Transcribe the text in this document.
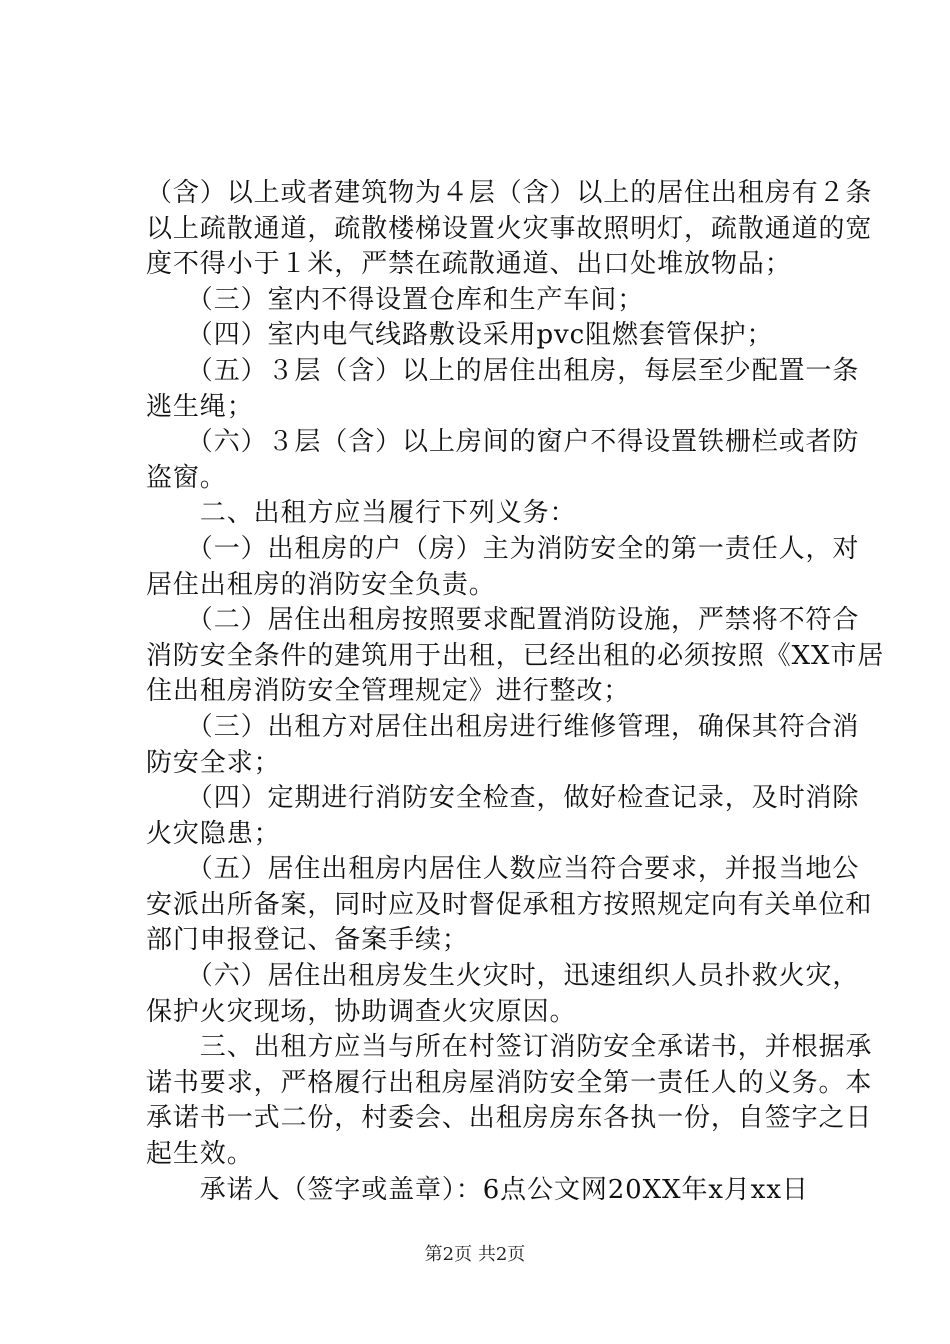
（含）以上或者建筑物为４层（含）以上的居住出租房有２条
以上疏散通道，疏散楼梯设置火灾事故照明灯，疏散通道的宽
度不得小于１米，严禁在疏散通道、出口处堆放物品；
　　（三）室内不得设置仓库和生产车间；
　　（四）室内电气线路敷设采用pvc阻燃套管保护；
　　（五）３层（含）以上的居住出租房，每层至少配置一条
逃生绳；
　　（六）３层（含）以上房间的窗户不得设置铁栅栏或者防
盗窗。
　　二、出租方应当履行下列义务：
　　（一）出租房的户（房）主为消防安全的第一责任人，对
居住出租房的消防安全负责。
　　（二）居住出租房按照要求配置消防设施，严禁将不符合
消防安全条件的建筑用于出租，已经出租的必须按照《XX市居
住出租房消防安全管理规定》进行整改；
　　（三）出租方对居住出租房进行维修管理，确保其符合消
防安全求；
　　（四）定期进行消防安全检查，做好检查记录，及时消除
火灾隐患；
　　（五）居住出租房内居住人数应当符合要求，并报当地公
安派出所备案，同时应及时督促承租方按照规定向有关单位和
部门申报登记、备案手续；
　　（六）居住出租房发生火灾时，迅速组织人员扑救火灾，
保护火灾现场，协助调查火灾原因。
　　三、出租方应当与所在村签订消防安全承诺书，并根据承
诺书要求，严格履行出租房屋消防安全第一责任人的义务。本
承诺书一式二份，村委会、出租房房东各执一份，自签字之日
起生效。
　　承诺人（签字或盖章）：6点公文网20XX年x月xx日
第2页 共2页
